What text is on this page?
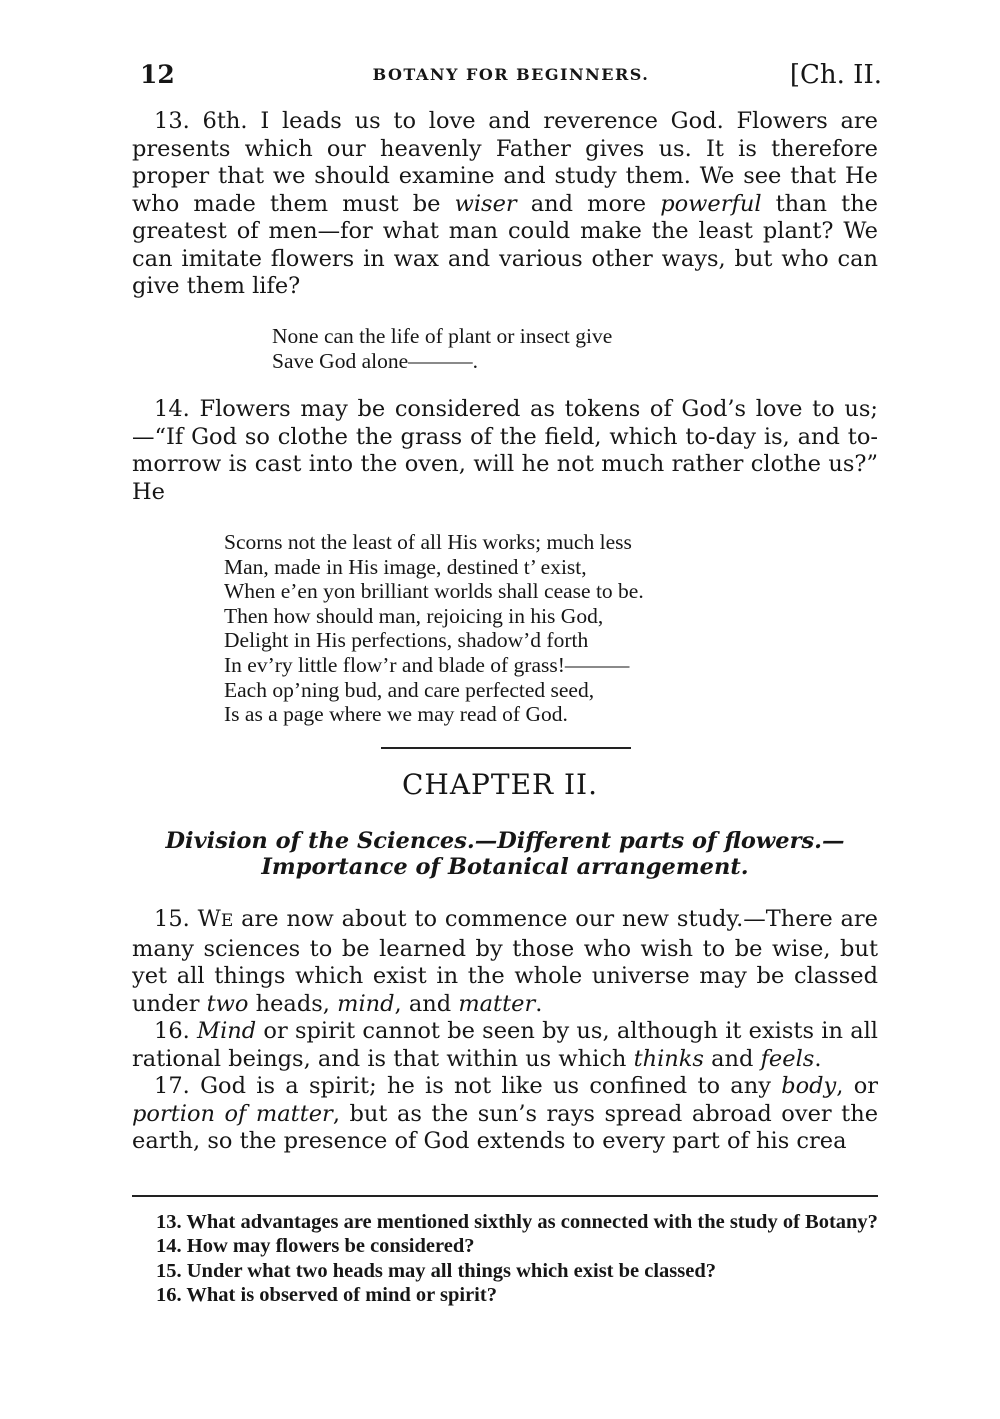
12	BOTANY FOR BEGINNERS.	[Ch. II.

13. 6th. I leads us to love and reverence God. Flowers are presents which our heavenly Father gives us. It is therefore proper that we should examine and study them. We see that He who made them must be wiser and more powerful than the greatest of men—for what man could make the least plant? We can imitate flowers in wax and various other ways, but who can give them life?

None can the life of plant or insect give
Save God alone———.

14. Flowers may be considered as tokens of God’s love to us;—“If God so clothe the grass of the field, which to-day is, and to-morrow is cast into the oven, will he not much rather clothe us?” He

Scorns not the least of all His works; much less
Man, made in His image, destined t’ exist,
When e’en yon brilliant worlds shall cease to be.
Then how should man, rejoicing in his God,
Delight in His perfections, shadow’d forth
In ev’ry little flow’r and blade of grass!———
Each op’ning bud, and care perfected seed,
Is as a page where we may read of God.
CHAPTER II.
Division of the Sciences.—Different parts of flowers.—Importance of Botanical arrangement.

15. WE are now about to commence our new study.—There are many sciences to be learned by those who wish to be wise, but yet all things which exist in the whole universe may be classed under two heads, mind, and matter.

16. Mind or spirit cannot be seen by us, although it exists in all rational beings, and is that within us which thinks and feels.

17. God is a spirit; he is not like us confined to any body, or portion of matter, but as the sun’s rays spread abroad over the earth, so the presence of God extends to every part of his crea

13. What advantages are mentioned sixthly as connected with the study of Botany?
14. How may flowers be considered?
15. Under what two heads may all things which exist be classed?
16. What is observed of mind or spirit?
